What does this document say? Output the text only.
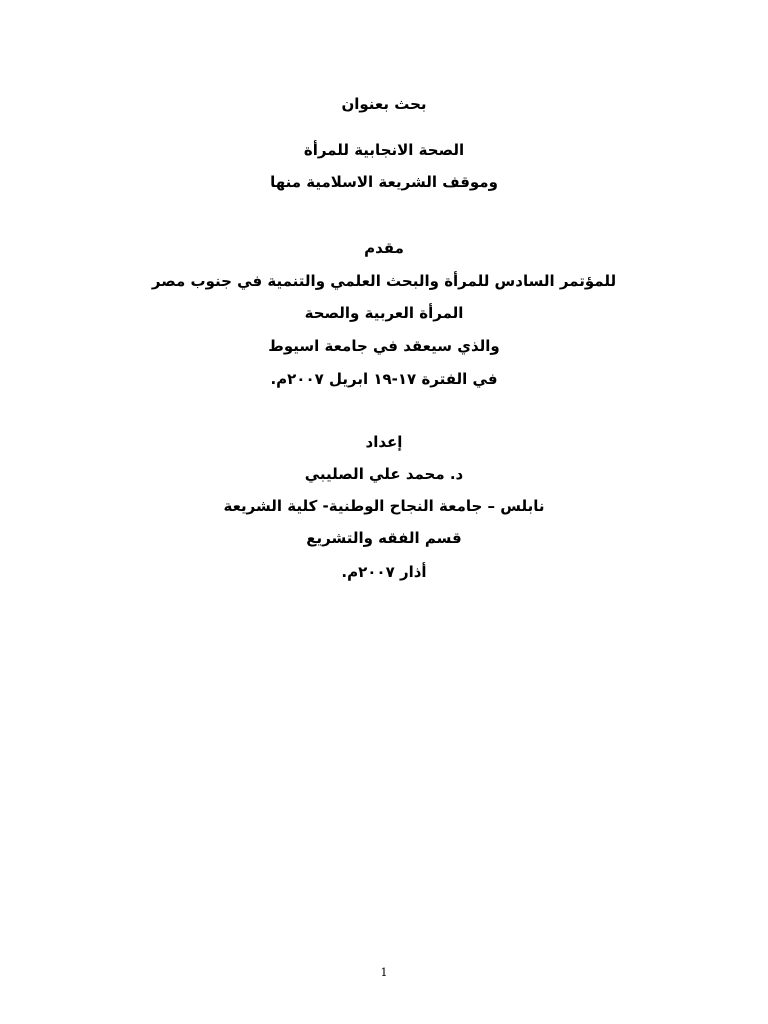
بحث بعنوان
الصحة الانجابية للمرأة
وموقف الشريعة الاسلامية منها
مقدم
للمؤتمر السادس للمرأة والبحث العلمي والتنمية في جنوب مصر
المرأة العربية والصحة
والذي سيعقد في جامعة اسيوط
في الفترة ١٧-١٩ ابريل ٢٠٠٧م.
إعداد
د. محمد علي الصليبي
نابلس – جامعة النجاح الوطنية- كلية الشريعة
قسم الفقه والتشريع
أذار ٢٠٠٧م.
1
